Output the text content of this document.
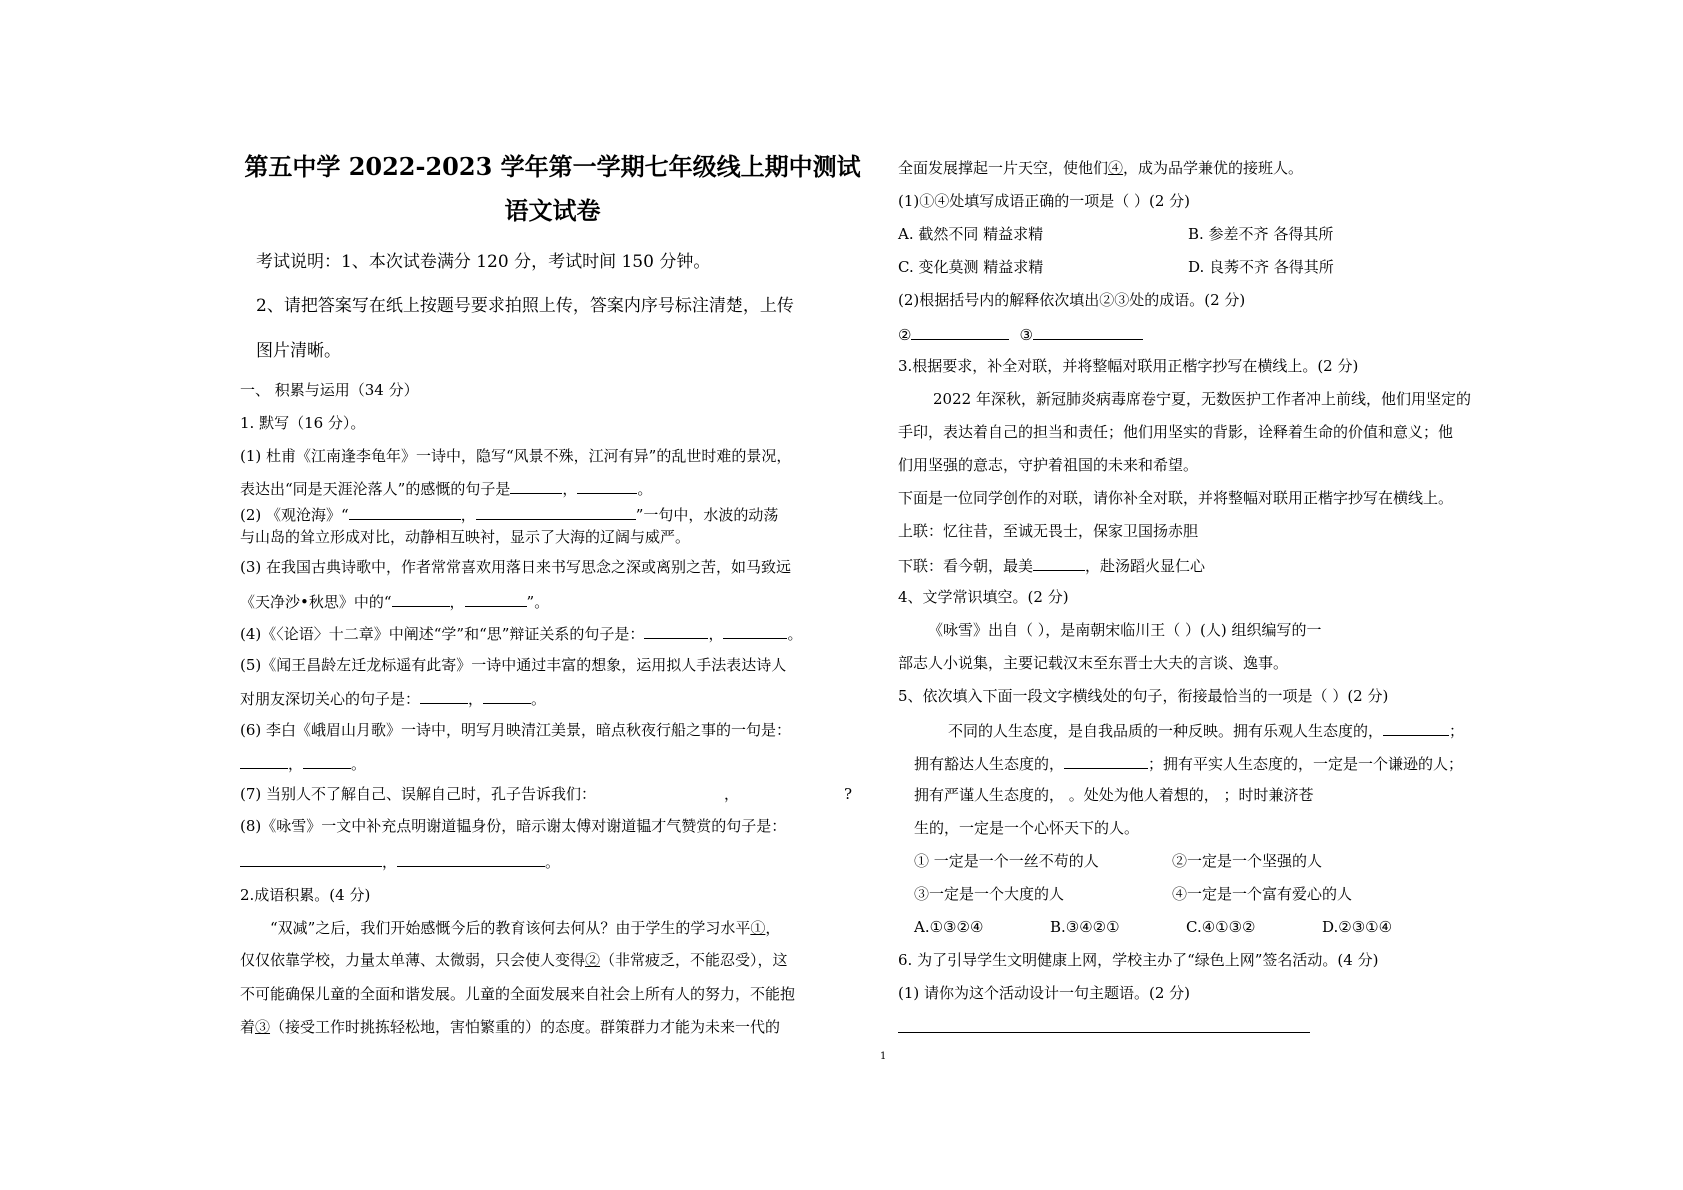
第五中学 2022-2023 学年第一学期七年级线上期中测试
语文试卷
考试说明：1、本次试卷满分 120 分，考试时间 150 分钟。
2、请把答案写在纸上按题号要求拍照上传，答案内序号标注清楚，上传
图片清晰。
一、 积累与运用（34 分）
1. 默写（16 分）。
(1) 杜甫《江南逢李龟年》一诗中，隐写“风景不殊，江河有异”的乱世时难的景况，
表达出“同是天涯沦落人”的感慨的句子是	，	。
(2) 《观沧海》“	，	”一句中，水波的动荡
与山岛的耸立形成对比，动静相互映衬，显示了大海的辽阔与威严。
(3) 在我国古典诗歌中，作者常常喜欢用落日来书写思念之深或离别之苦，如马致远
《天净沙•秋思》中的“	，	”。
(4)《〈论语〉十二章》中阐述“学”和“思”辩证关系的句子是：	，	。
(5)《闻王昌龄左迁龙标遥有此寄》一诗中通过丰富的想象，运用拟人手法表达诗人
对朋友深切关心的句子是：	，	。
(6) 李白《峨眉山月歌》一诗中，明写月映清江美景，暗点秋夜行船之事的一句是：
，	。
(7) 当别人不了解自己、误解自己时，孔子告诉我们：	，	?
(8)《咏雪》一文中补充点明谢道韫身份，暗示谢太傅对谢道韫才气赞赏的句子是：
，	。
2.成语积累。(4 分)
“双减”之后，我们开始感慨今后的教育该何去何从？由于学生的学习水平①，
仅仅依靠学校，力量太单薄、太微弱，只会使人变得②（非常疲乏，不能忍受），这
不可能确保儿童的全面和谐发展。儿童的全面发展来自社会上所有人的努力，不能抱
着③（接受工作时挑拣轻松地，害怕繁重的）的态度。群策群力才能为未来一代的
全面发展撑起一片天空，使他们④，成为品学兼优的接班人。
(1)①④处填写成语正确的一项是（ ）(2 分)
A. 截然不同 精益求精	B. 参差不齐 各得其所
C. 变化莫测 精益求精	D. 良莠不齐 各得其所
(2)根据括号内的解释依次填出②③处的成语。(2 分)
②	③
3.根据要求，补全对联，并将整幅对联用正楷字抄写在横线上。(2 分)
2022 年深秋，新冠肺炎病毒席卷宁夏，无数医护工作者冲上前线，他们用坚定的
手印，表达着自己的担当和责任；他们用坚实的背影，诠释着生命的价值和意义；他
们用坚强的意志，守护着祖国的未来和希望。
下面是一位同学创作的对联，请你补全对联，并将整幅对联用正楷字抄写在横线上。
上联：忆往昔，至诚无畏士，保家卫国扬赤胆
下联：看今朝，最美	，赴汤蹈火显仁心
4、文学常识填空。(2 分)
《咏雪》出自（ ），是南朝宋临川王（ ）(人) 组织编写的一
部志人小说集，主要记载汉末至东晋士大夫的言谈、逸事。
5、依次填入下面一段文字横线处的句子，衔接最恰当的一项是（ ）(2 分)
不同的人生态度，是自我品质的一种反映。拥有乐观人生态度的，	；
拥有豁达人生态度的，	；拥有平实人生态度的，一定是一个谦逊的人；
拥有严谨人生态度的， 。处处为他人着想的， ；时时兼济苍
生的，一定是一个心怀天下的人。
① 一定是一个一丝不苟的人	②一定是一个坚强的人
③一定是一个大度的人	④一定是一个富有爱心的人
A.①③②④	B.③④②①	C.④①③②	D.②③①④
6. 为了引导学生文明健康上网，学校主办了“绿色上网”签名活动。(4 分)
(1) 请你为这个活动设计一句主题语。(2 分)
1
